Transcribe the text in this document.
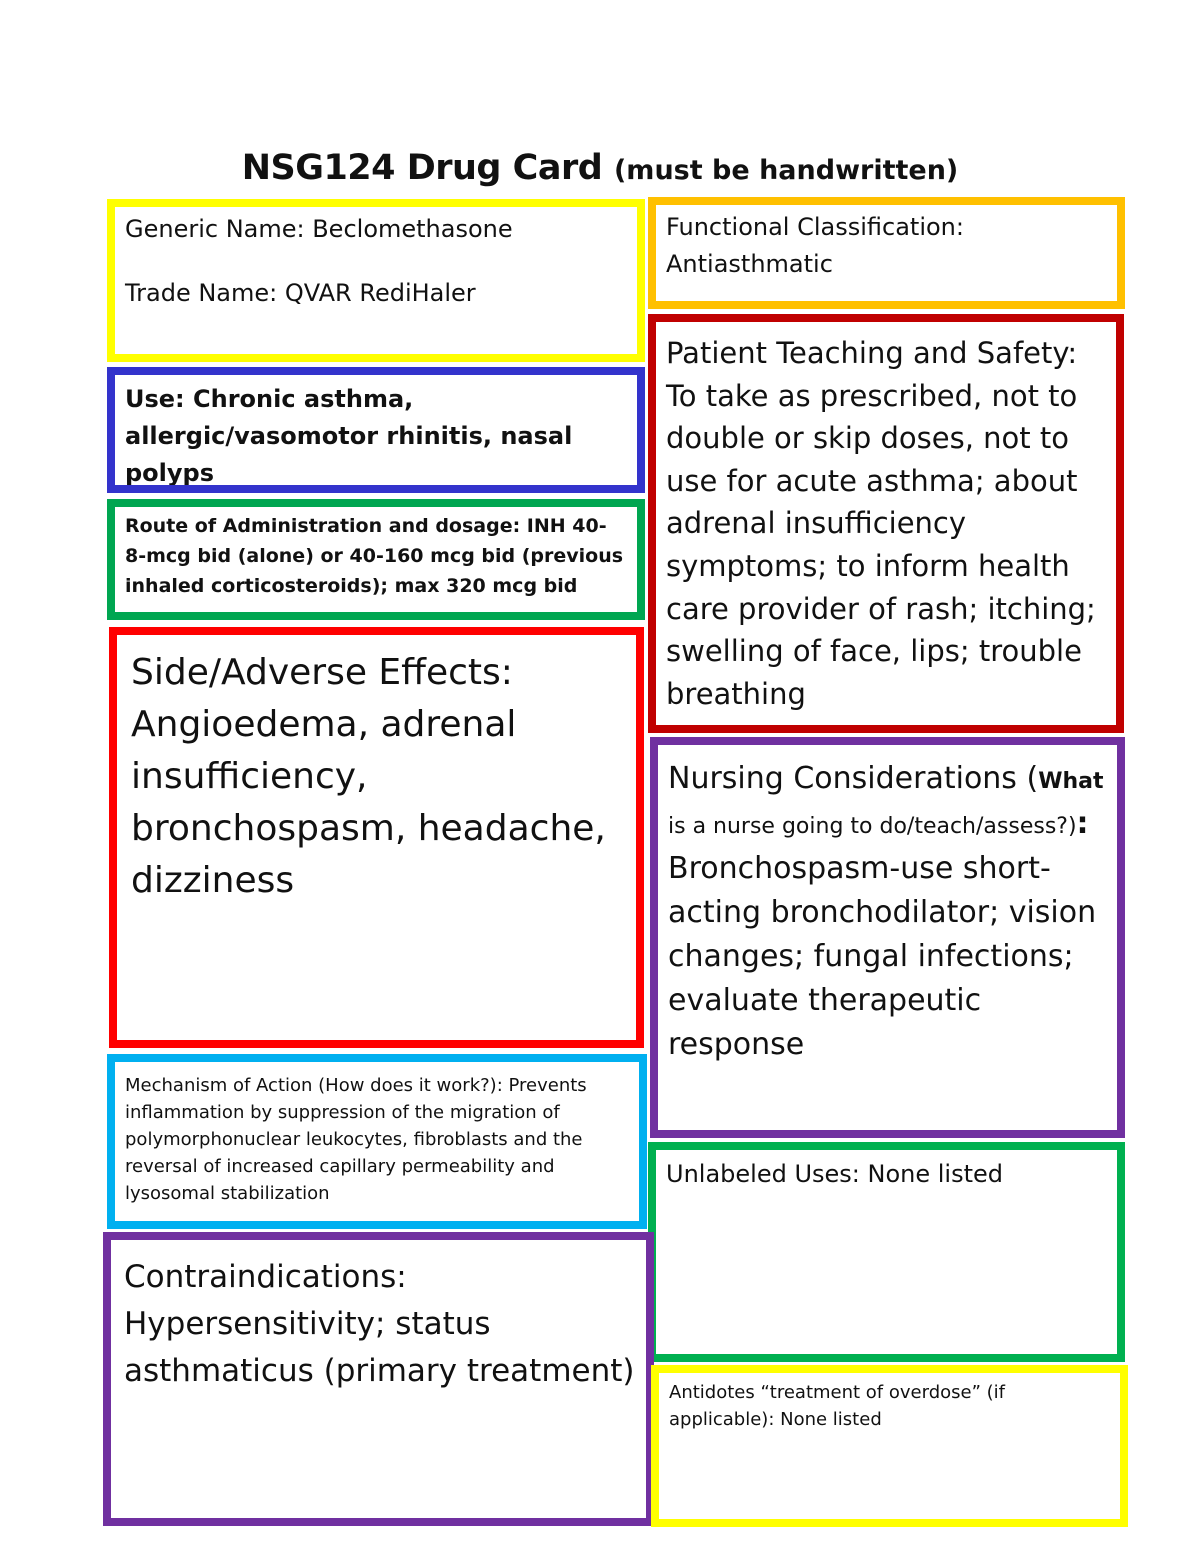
NSG124 Drug Card (must be handwritten)

Generic Name: Beclomethasone

Trade Name: QVAR RediHaler

Functional Classification:

Antiasthmatic

Use: Chronic asthma, allergic/vasomotor rhinitis, nasal polyps

Route of Administration and dosage: INH 40-8-mcg bid (alone) or 40-160 mcg bid (previous inhaled corticosteroids); max 320 mcg bid

Side/Adverse Effects:

Angioedema, adrenal insufficiency, bronchospasm, headache, dizziness

Patient Teaching and Safety:

To take as prescribed, not to double or skip doses, not to use for acute asthma; about adrenal insufficiency symptoms; to inform health care provider of rash; itching; swelling of face, lips; trouble breathing

Nursing Considerations (What is a nurse going to do/teach/assess?):

Bronchospasm-use short-acting bronchodilator; vision changes; fungal infections; evaluate therapeutic response

Mechanism of Action (How does it work?): Prevents inflammation by suppression of the migration of polymorphonuclear leukocytes, fibroblasts and the reversal of increased capillary permeability and lysosomal stabilization

Unlabeled Uses: None listed

Contraindications:

Hypersensitivity; status asthmaticus (primary treatment)

Antidotes “treatment of overdose” (if applicable): None listed
